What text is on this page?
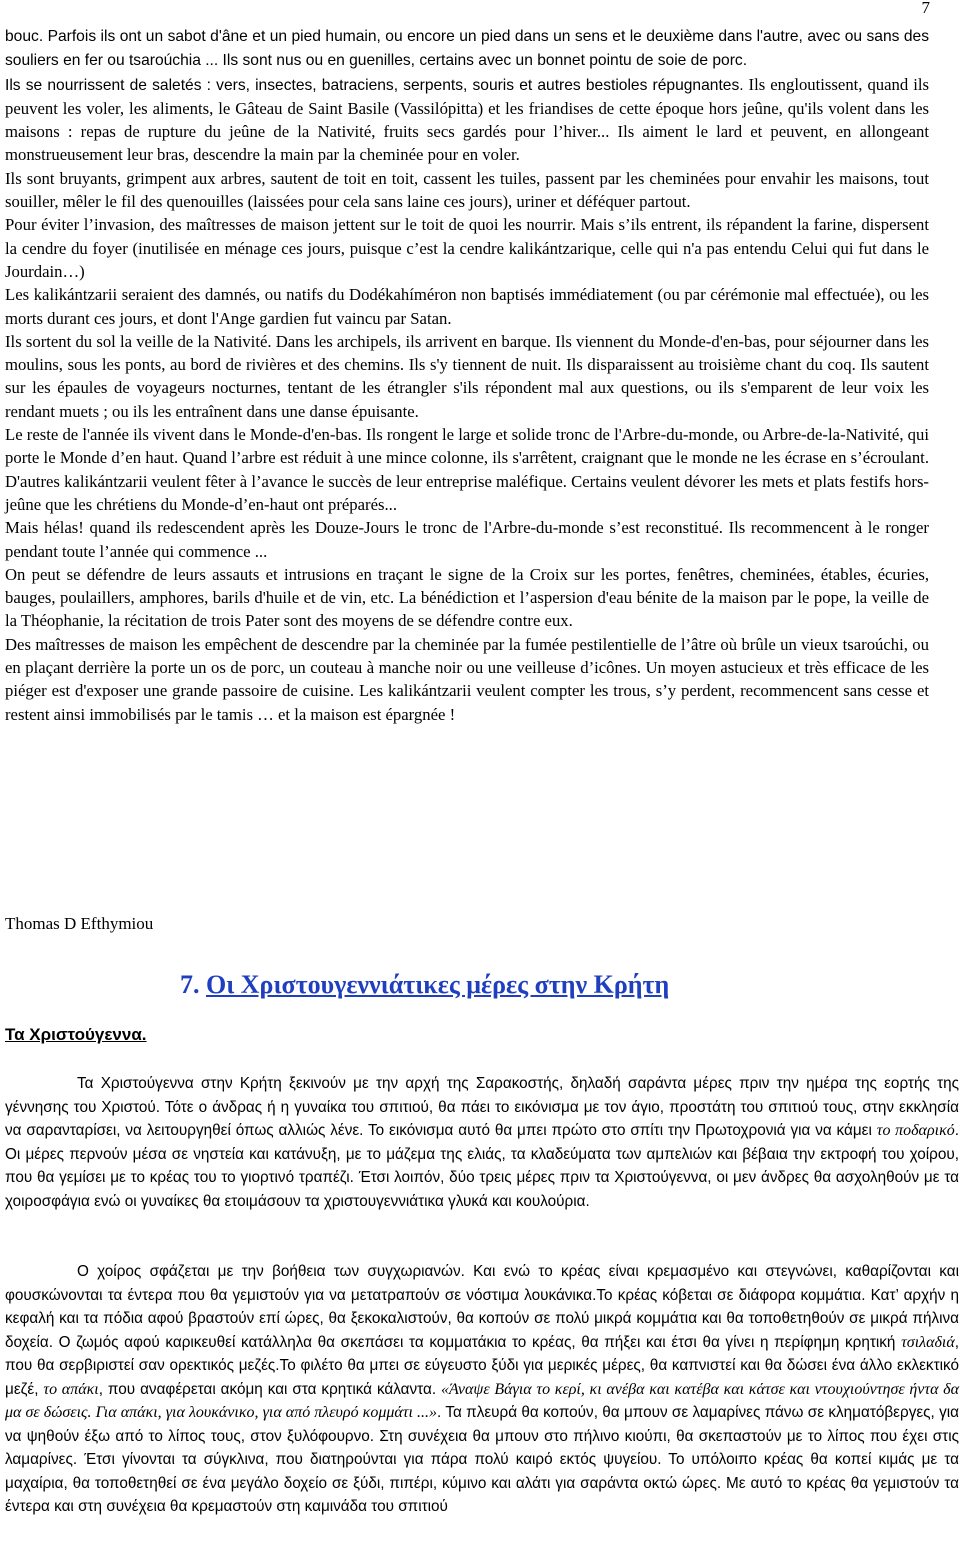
7

bouc. Parfois ils ont un sabot d'âne et un pied humain, ou encore un pied dans un sens et le deuxième dans l'autre, avec ou sans des souliers en fer ou tsaroúchia ... Ils sont nus ou en guenilles, certains avec un bonnet pointu de soie de porc.

Ils se nourrissent de saletés : vers, insectes, batraciens, serpents, souris et autres bestioles répugnantes. Ils engloutissent, quand ils peuvent les voler, les aliments, le Gâteau de Saint Basile (Vassilópitta) et les friandises de cette époque hors jeûne, qu'ils volent dans les maisons : repas de rupture du jeûne de la Nativité, fruits secs gardés pour l’hiver... Ils aiment le lard et peuvent, en allongeant monstrueusement leur bras, descendre la main par la cheminée pour en voler.

Ils sont bruyants, grimpent aux arbres, sautent de toit en toit, cassent les tuiles, passent par les cheminées pour envahir les maisons, tout souiller, mêler le fil des quenouilles (laissées pour cela sans laine ces jours), uriner et déféquer partout.

Pour éviter l’invasion, des maîtresses de maison jettent sur le toit de quoi les nourrir. Mais s’ils entrent, ils répandent la farine, dispersent la cendre du foyer (inutilisée en ménage ces jours, puisque c’est la cendre kalikántzarique, celle qui n'a pas entendu Celui qui fut dans le Jourdain…)

Les kalikántzarii seraient des damnés, ou natifs du Dodékahíméron non baptisés immédiatement (ou par cérémonie mal effectuée), ou les morts durant ces jours, et dont l'Ange gardien fut vaincu par Satan.

Ils sortent du sol la veille de la Nativité. Dans les archipels, ils arrivent en barque. Ils viennent du Monde-d'en-bas, pour séjourner dans les moulins, sous les ponts, au bord de rivières et des chemins. Ils s'y tiennent de nuit. Ils disparaissent au troisième chant du coq. Ils sautent sur les épaules de voyageurs nocturnes, tentant de les étrangler s'ils répondent mal aux questions, ou ils s'emparent de leur voix les rendant muets ; ou ils les entraînent dans une danse épuisante.

Le reste de l'année ils vivent dans le Monde-d'en-bas. Ils rongent le large et solide tronc de l'Arbre-du-monde, ou Arbre-de-la-Nativité, qui porte le Monde d’en haut. Quand l’arbre est réduit à une mince colonne, ils s'arrêtent, craignant que le monde ne les écrase en s’écroulant. D'autres kalikántzarii veulent fêter à l’avance le succès de leur entreprise maléfique. Certains veulent dévorer les mets et plats festifs hors-jeûne que les chrétiens du Monde-d’en-haut ont préparés...

Mais hélas! quand ils redescendent après les Douze-Jours le tronc de l'Arbre-du-monde s’est reconstitué. Ils recommencent à le ronger pendant toute l’année qui commence ...

On peut se défendre de leurs assauts et intrusions en traçant le signe de la Croix sur les portes, fenêtres, cheminées, étables, écuries, bauges, poulaillers, amphores, barils d'huile et de vin, etc. La bénédiction et l’aspersion d'eau bénite de la maison par le pope, la veille de la Théophanie, la récitation de trois Pater sont des moyens de se défendre contre eux.

Des maîtresses de maison les empêchent de descendre par la cheminée par la fumée pestilentielle de l’âtre où brûle un vieux tsaroúchi, ou en plaçant derrière la porte un os de porc, un couteau à manche noir ou une veilleuse d’icônes. Un moyen astucieux et très efficace de les piéger est d'exposer une grande passoire de cuisine. Les kalikántzarii veulent compter les trous, s’y perdent, recommencent sans cesse et restent ainsi immobilisés par le tamis … et la maison est épargnée !

Thomas D Efthymiou
7. Οι Χριστουγεννιάτικες μέρες στην Κρήτη
Τα Χριστούγεννα.

Τα Χριστούγεννα στην Κρήτη ξεκινούν με την αρχή της Σαρακοστής, δηλαδή σαράντα μέρες πριν την ημέρα της εορτής της γέννησης του Χριστού. Τότε ο άνδρας ή η γυναίκα του σπιτιού, θα πάει το εικόνισμα με τον άγιο, προστάτη του σπιτιού τους, στην εκκλησία να σαρανταρίσει, να λειτουργηθεί όπως αλλιώς λένε. Το εικόνισμα αυτό θα μπει πρώτο στο σπίτι την Πρωτοχρονιά για να κάμει το ποδαρικό. Οι μέρες περνούν μέσα σε νηστεία και κατάνυξη, με το μάζεμα της ελιάς, τα κλαδεύματα των αμπελιών και βέβαια την εκτροφή του χοίρου, που θα γεμίσει με το κρέας του το γιορτινό τραπέζι. Έτσι λοιπόν, δύο τρεις μέρες πριν τα Χριστούγεννα, οι μεν άνδρες θα ασχοληθούν με τα χοιροσφάγια ενώ οι γυναίκες θα ετοιμάσουν τα χριστουγεννιάτικα γλυκά και κουλούρια.

Ο χοίρος σφάζεται με την βοήθεια των συγχωριανών. Και ενώ το κρέας είναι κρεμασμένο και στεγνώνει, καθαρίζονται και φουσκώνονται τα έντερα που θα γεμιστούν για να μετατραπούν σε νόστιμα λουκάνικα.Το κρέας κόβεται σε διάφορα κομμάτια. Κατ’ αρχήν η κεφαλή και τα πόδια αφού βραστούν επί ώρες, θα ξεκοκαλιστούν, θα κοπούν σε πολύ μικρά κομμάτια και θα τοποθετηθούν σε μικρά πήλινα δοχεία. Ο ζωμός αφού καρικευθεί κατάλληλα θα σκεπάσει τα κομματάκια το κρέας, θα πήξει και έτσι θα γίνει η περίφημη κρητική τσιλαδιά, που θα σερβιριστεί σαν ορεκτικός μεζές.Το φιλέτο θα μπει σε εύγευστο ξύδι για μερικές μέρες, θα καπνιστεί και θα δώσει ένα άλλο εκλεκτικό μεζέ, το απάκι, που αναφέρεται ακόμη και στα κρητικά κάλαντα. «Άναψε Βάγια το κερί, κι ανέβα και κατέβα και κάτσε και ντουχιούντησε ήντα δα μα σε δώσεις. Για απάκι, για λουκάνικο, για από πλευρό κομμάτι ...». Τα πλευρά θα κοπούν, θα μπουν σε λαμαρίνες πάνω σε κληματόβεργες, για να ψηθούν έξω από το λίπος τους, στον ξυλόφουρνο. Στη συνέχεια θα μπουν στο πήλινο κιούπι, θα σκεπαστούν με το λίπος που έχει στις λαμαρίνες. Έτσι γίνονται τα σύγκλινα, που διατηρούνται για πάρα πολύ καιρό εκτός ψυγείου. Το υπόλοιπο κρέας θα κοπεί κιμάς με τα μαχαίρια, θα τοποθετηθεί σε ένα μεγάλο δοχείο σε ξύδι, πιπέρι, κύμινο και αλάτι για σαράντα οκτώ ώρες. Με αυτό το κρέας θα γεμιστούν τα έντερα και στη συνέχεια θα κρεμαστούν στη καμινάδα του σπιτιού
